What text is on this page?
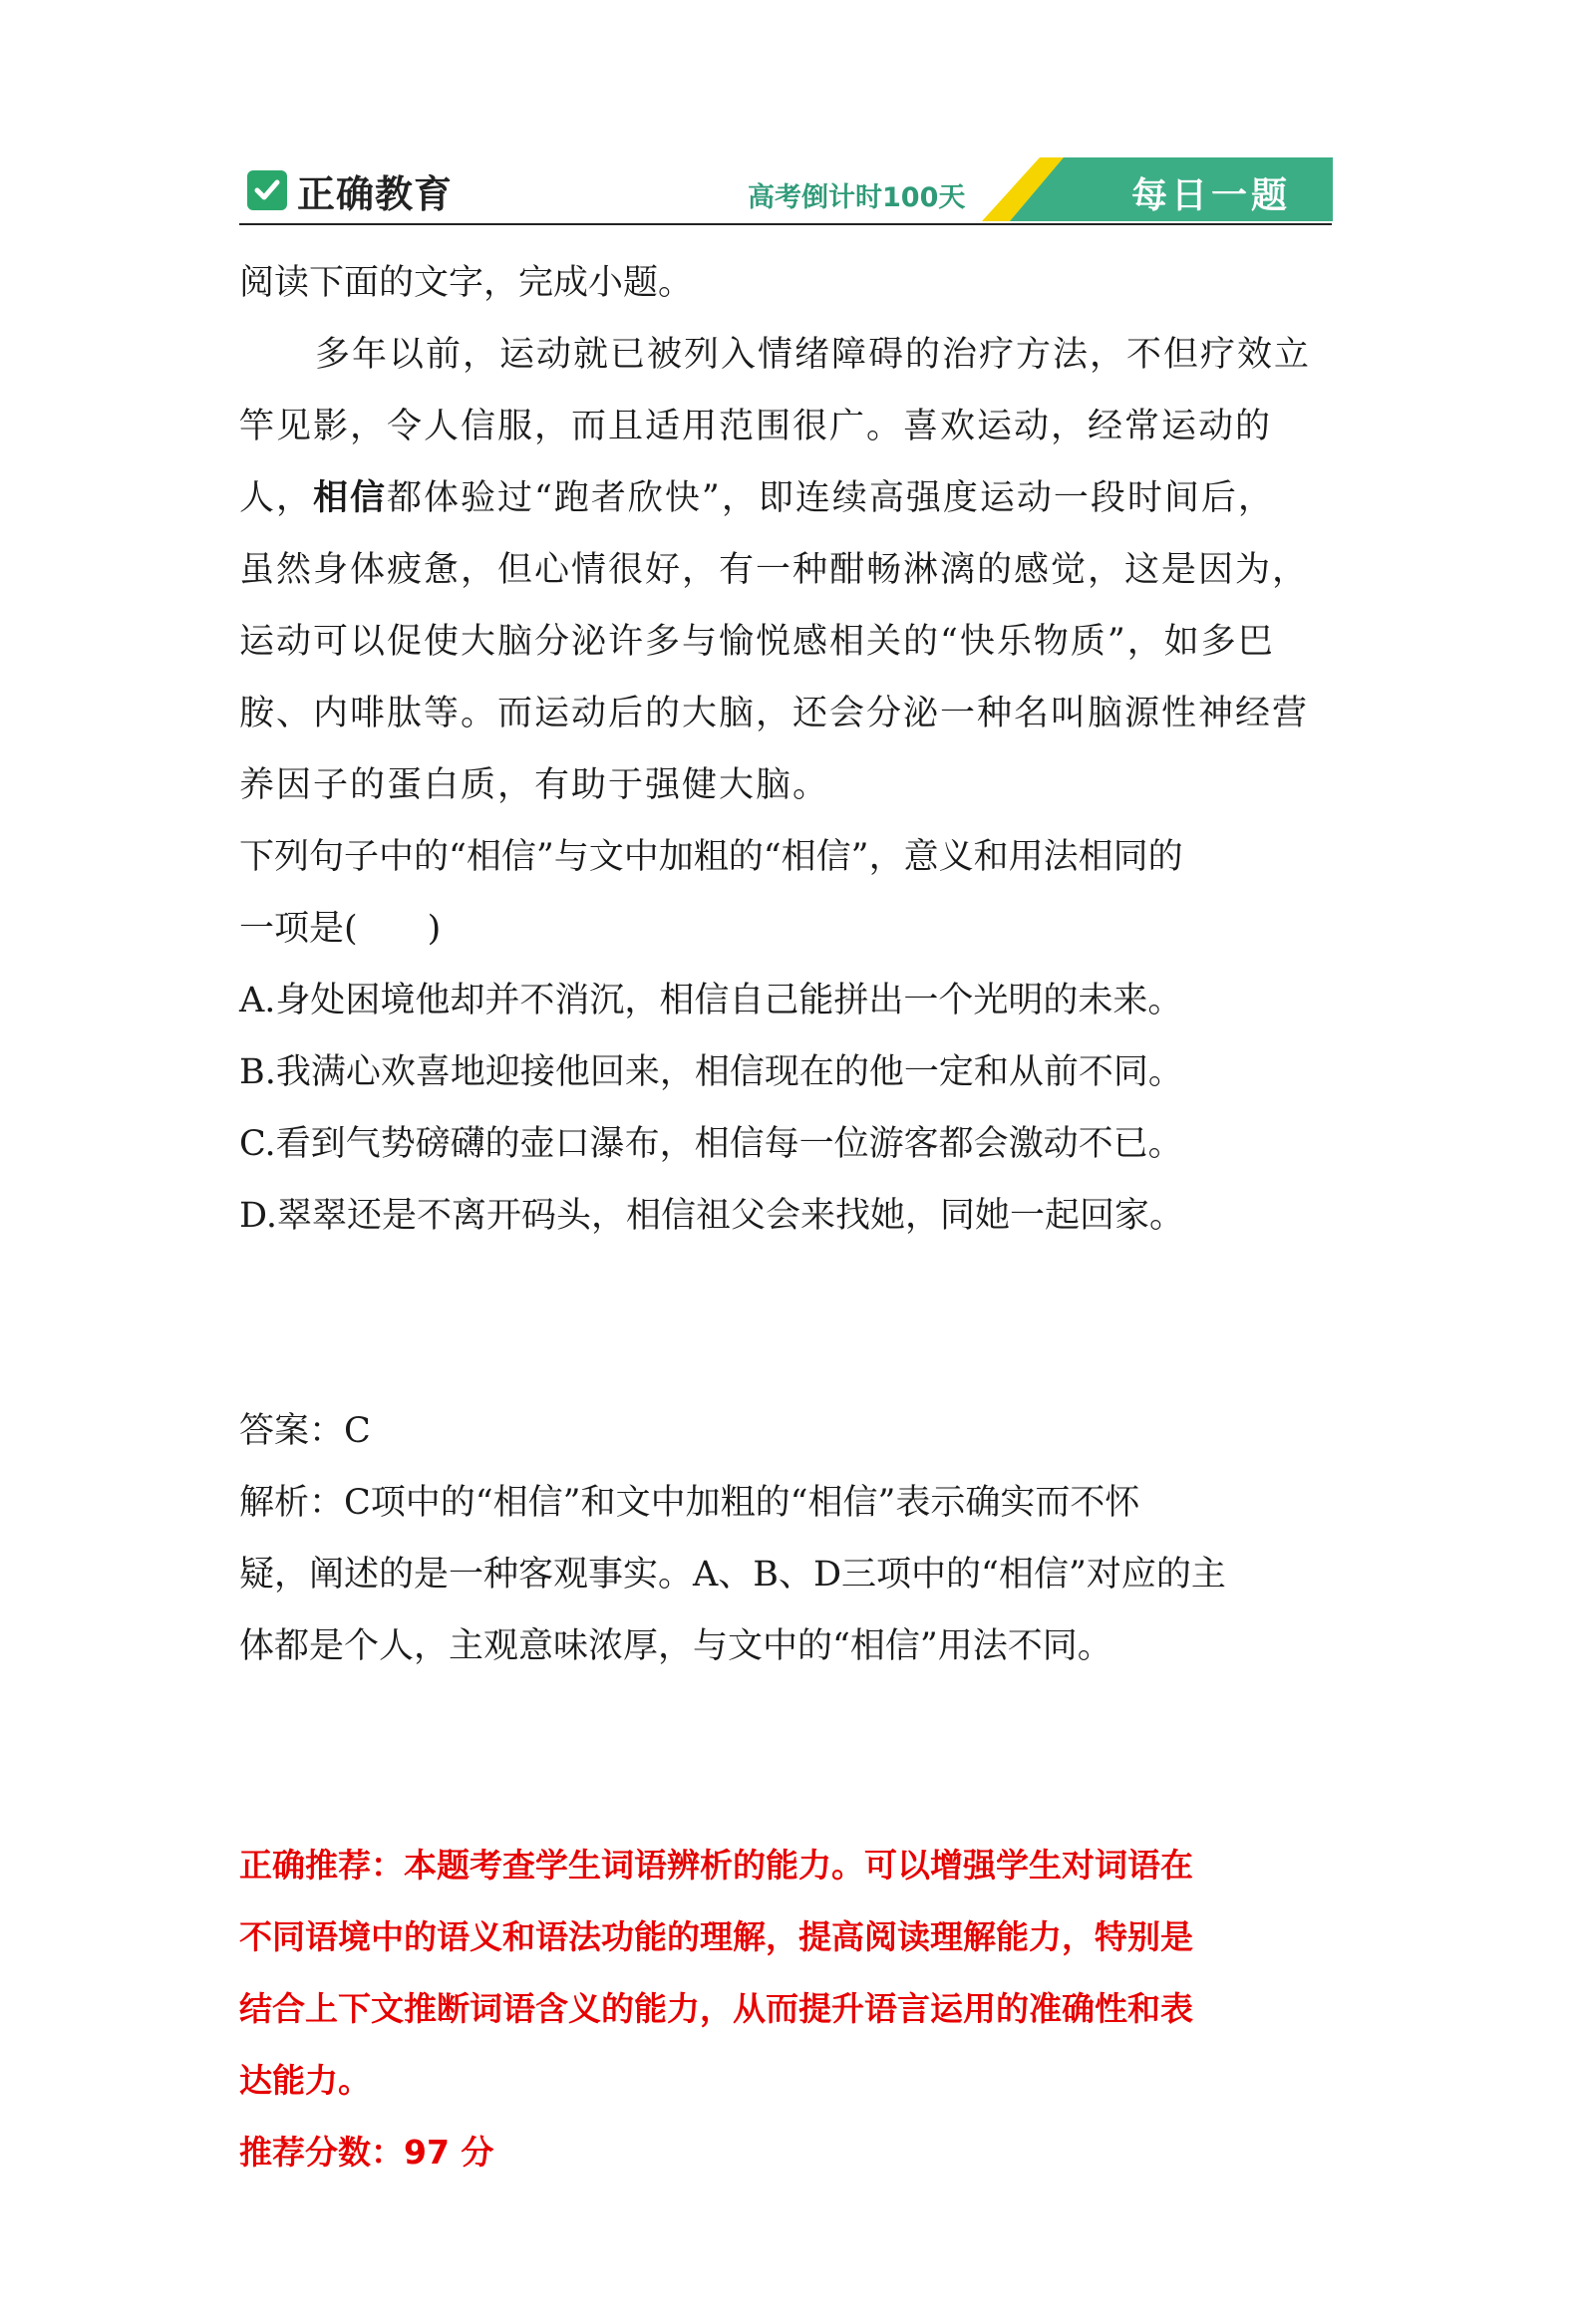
正确教育	高考倒计时100天	每日一题
阅读下面的文字，完成小题。
多年以前，运动就已被列入情绪障碍的治疗方法，不但疗效立
竿见影，令人信服，而且适用范围很广。喜欢运动，经常运动的
人，相信都体验过“跑者欣快”，即连续高强度运动一段时间后，
虽然身体疲惫，但心情很好，有一种酣畅淋漓的感觉，这是因为，
运动可以促使大脑分泌许多与愉悦感相关的“快乐物质”，如多巴
胺、内啡肽等。而运动后的大脑，还会分泌一种名叫脑源性神经营
养因子的蛋白质，有助于强健大脑。
下列句子中的“相信”与文中加粗的“相信”，意义和用法相同的
一项是(　　)
A.身处困境他却并不消沉，相信自己能拼出一个光明的未来。
B.我满心欢喜地迎接他回来，相信现在的他一定和从前不同。
C.看到气势磅礴的壶口瀑布，相信每一位游客都会激动不已。
D.翠翠还是不离开码头，相信祖父会来找她，同她一起回家。
答案：C
解析：C项中的“相信”和文中加粗的“相信”表示确实而不怀
疑，阐述的是一种客观事实。A、B、D三项中的“相信”对应的主
体都是个人，主观意味浓厚，与文中的“相信”用法不同。
正确推荐：本题考查学生词语辨析的能力。可以增强学生对词语在
不同语境中的语义和语法功能的理解，提高阅读理解能力，特别是
结合上下文推断词语含义的能力，从而提升语言运用的准确性和表
达能力。
推荐分数：97 分
